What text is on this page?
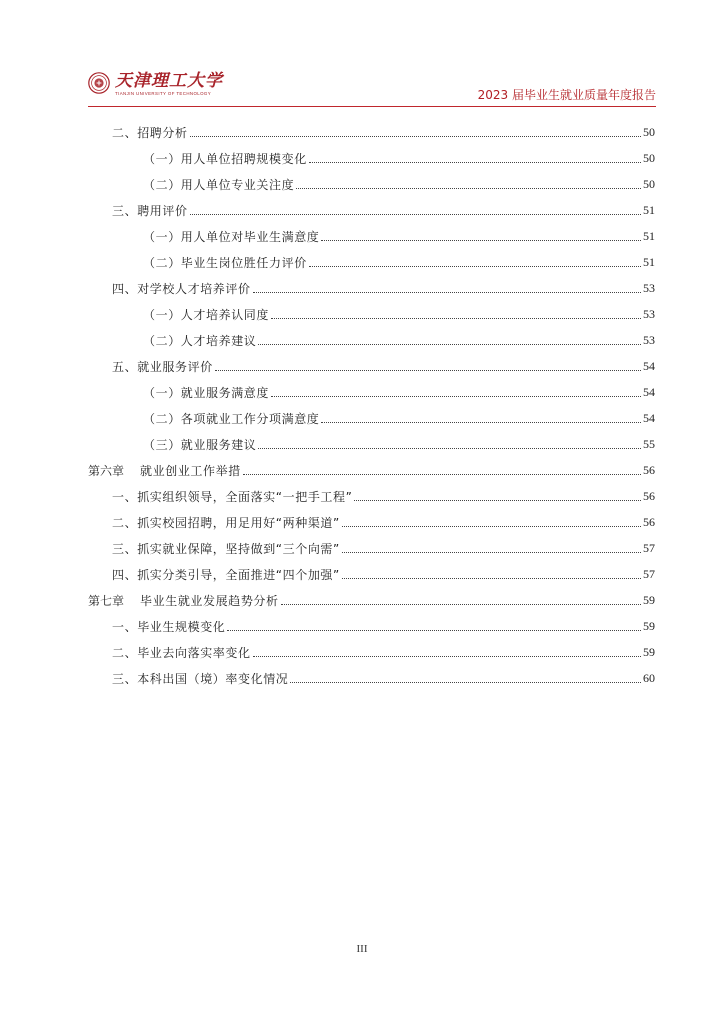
天津理工大学
TIANJIN UNIVERSITY OF TECHNOLOGY	2023 届毕业生就业质量年度报告
二、招聘分析	50
（一）用人单位招聘规模变化	50
（二）用人单位专业关注度	50
三、聘用评价	51
（一）用人单位对毕业生满意度	51
（二）毕业生岗位胜任力评价	51
四、对学校人才培养评价	53
（一）人才培养认同度	53
（二）人才培养建议	53
五、就业服务评价	54
（一）就业服务满意度	54
（二）各项就业工作分项满意度	54
（三）就业服务建议	55
第六章 就业创业工作举措	56
一、抓实组织领导，全面落实“一把手工程”	56
二、抓实校园招聘，用足用好“两种渠道”	56
三、抓实就业保障，坚持做到“三个向需”	57
四、抓实分类引导，全面推进“四个加强”	57
第七章 毕业生就业发展趋势分析	59
一、毕业生规模变化	59
二、毕业去向落实率变化	59
三、本科出国（境）率变化情况	60
III
